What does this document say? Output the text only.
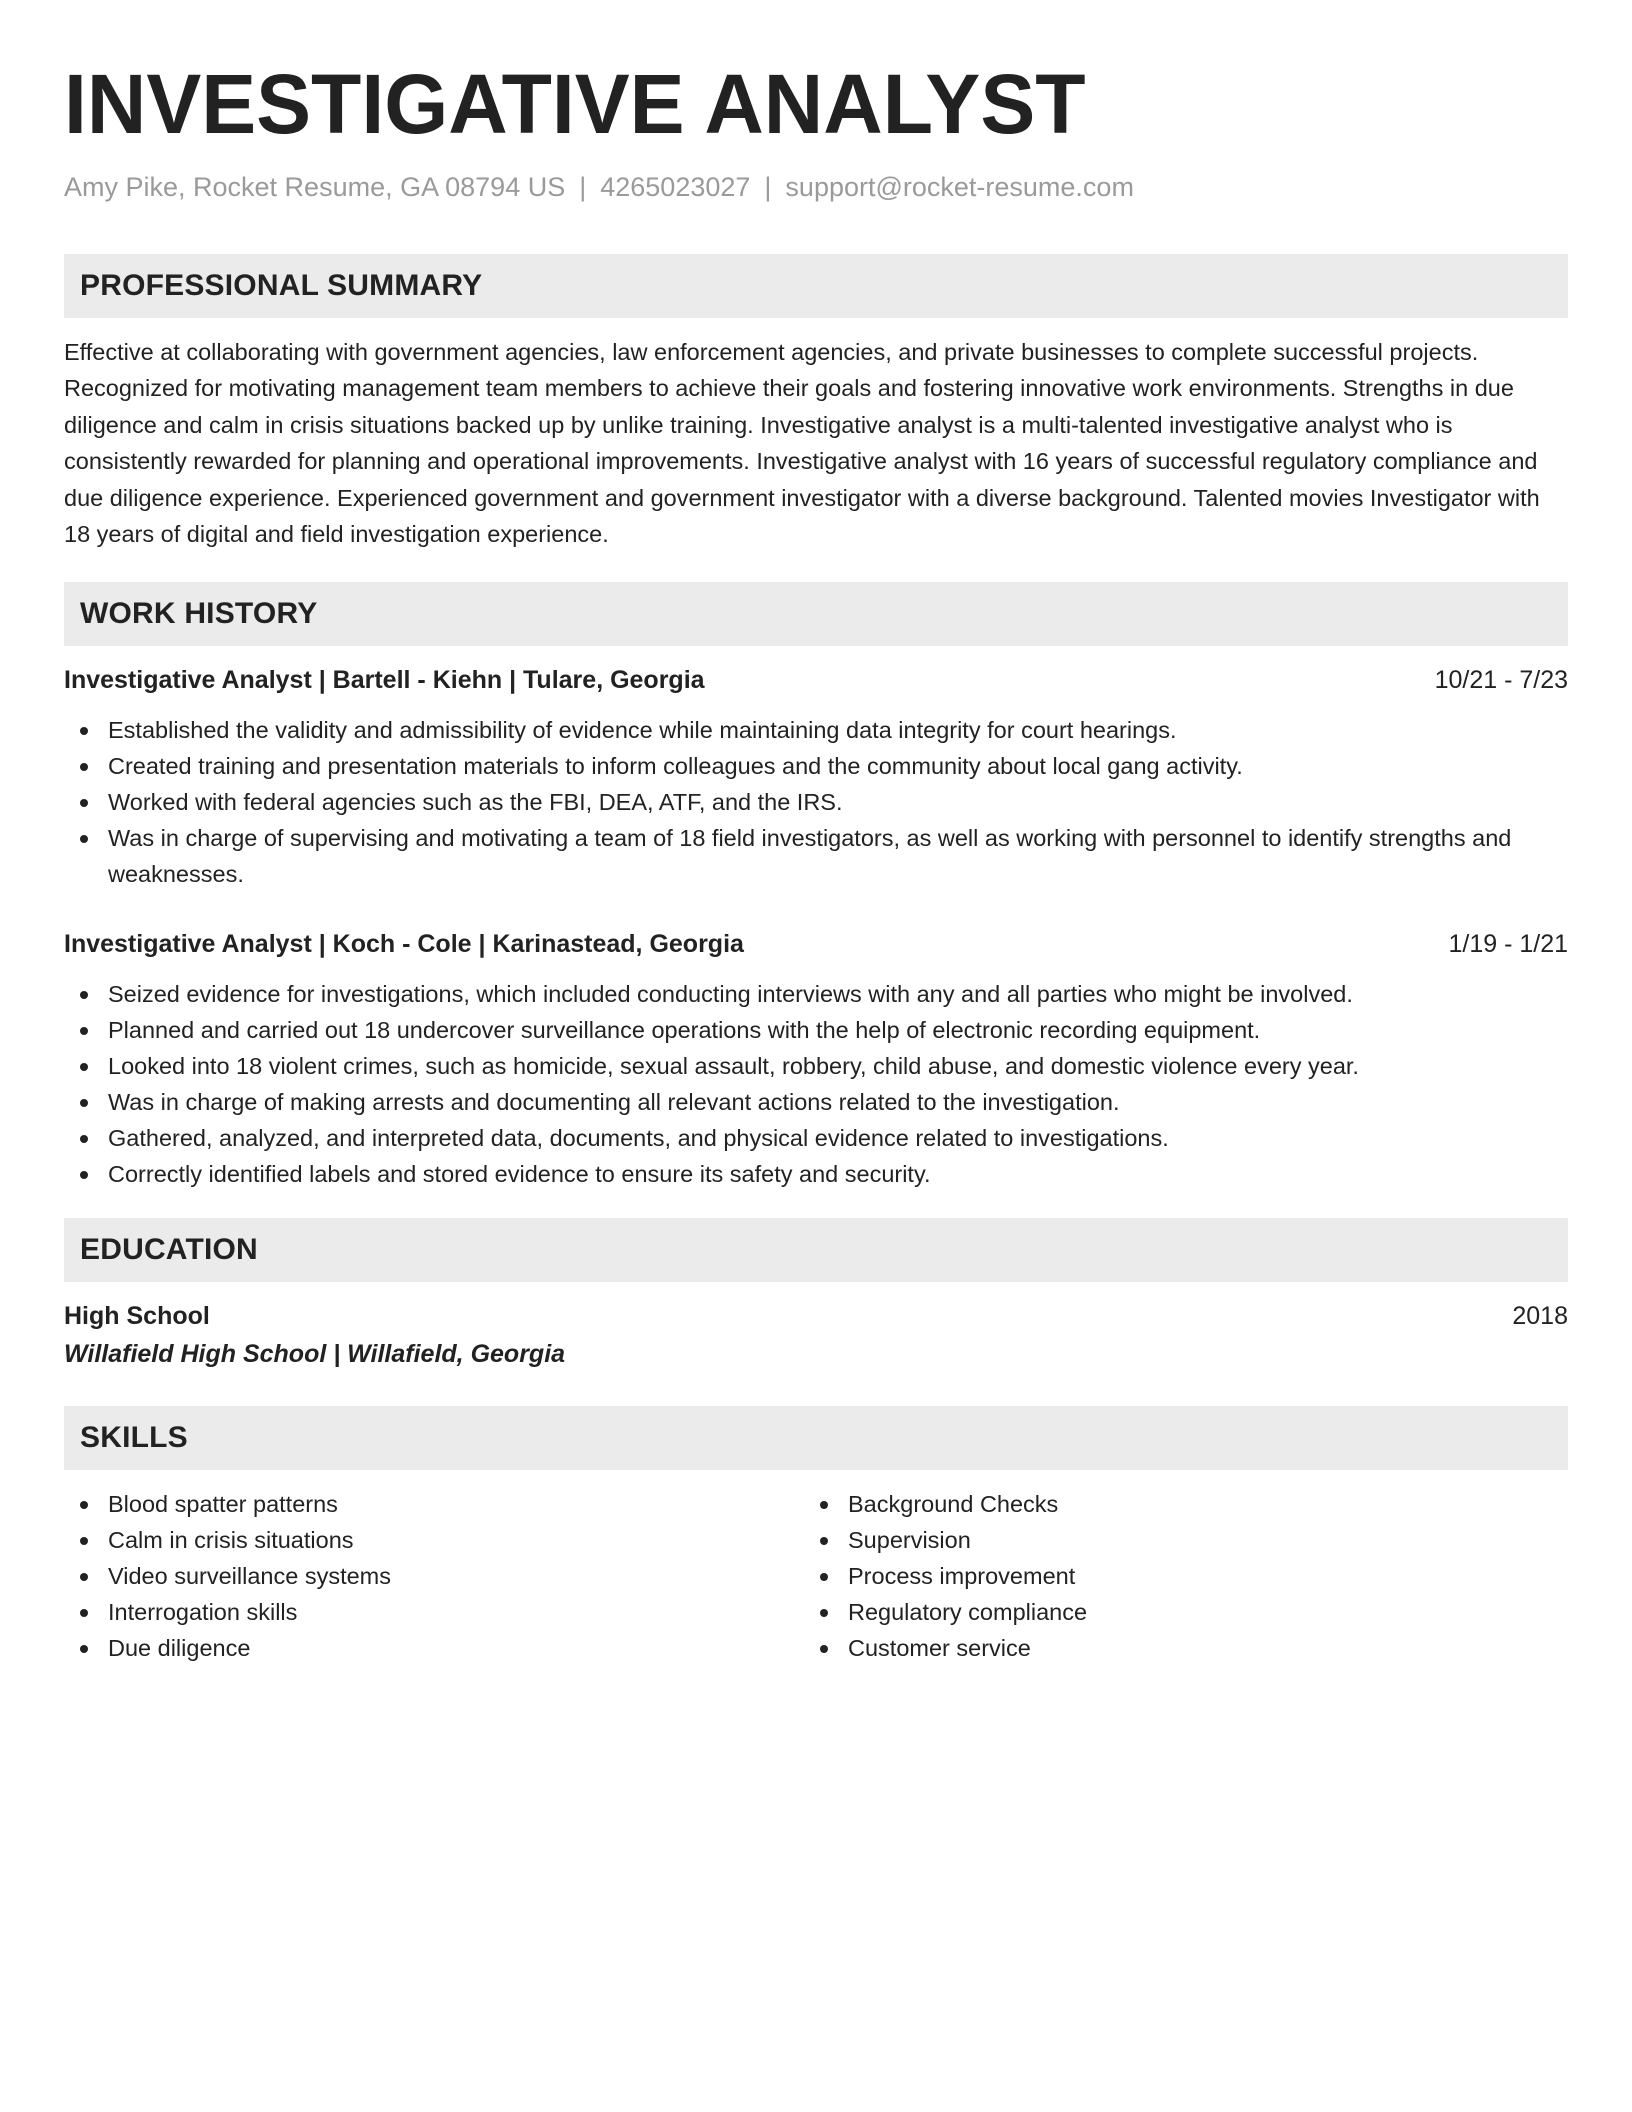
INVESTIGATIVE ANALYST
Amy Pike, Rocket Resume, GA 08794 US | 4265023027 | support@rocket-resume.com
PROFESSIONAL SUMMARY

Effective at collaborating with government agencies, law enforcement agencies, and private businesses to complete successful projects. Recognized for motivating management team members to achieve their goals and fostering innovative work environments. Strengths in due diligence and calm in crisis situations backed up by unlike training. Investigative analyst is a multi-talented investigative analyst who is consistently rewarded for planning and operational improvements. Investigative analyst with 16 years of successful regulatory compliance and due diligence experience. Experienced government and government investigator with a diverse background. Talented movies Investigator with 18 years of digital and field investigation experience.

WORK HISTORY
Investigative Analyst | Bartell - Kiehn | Tulare, Georgia	10/21 - 7/23
Established the validity and admissibility of evidence while maintaining data integrity for court hearings.
Created training and presentation materials to inform colleagues and the community about local gang activity.
Worked with federal agencies such as the FBI, DEA, ATF, and the IRS.
Was in charge of supervising and motivating a team of 18 field investigators, as well as working with personnel to identify strengths and weaknesses.
Investigative Analyst | Koch - Cole | Karinastead, Georgia	1/19 - 1/21
Seized evidence for investigations, which included conducting interviews with any and all parties who might be involved.
Planned and carried out 18 undercover surveillance operations with the help of electronic recording equipment.
Looked into 18 violent crimes, such as homicide, sexual assault, robbery, child abuse, and domestic violence every year.
Was in charge of making arrests and documenting all relevant actions related to the investigation.
Gathered, analyzed, and interpreted data, documents, and physical evidence related to investigations.
Correctly identified labels and stored evidence to ensure its safety and security.
EDUCATION
High School	2018
Willafield High School | Willafield, Georgia
SKILLS
Blood spatter patterns
Calm in crisis situations
Video surveillance systems
Interrogation skills
Due diligence
Background Checks
Supervision
Process improvement
Regulatory compliance
Customer service
